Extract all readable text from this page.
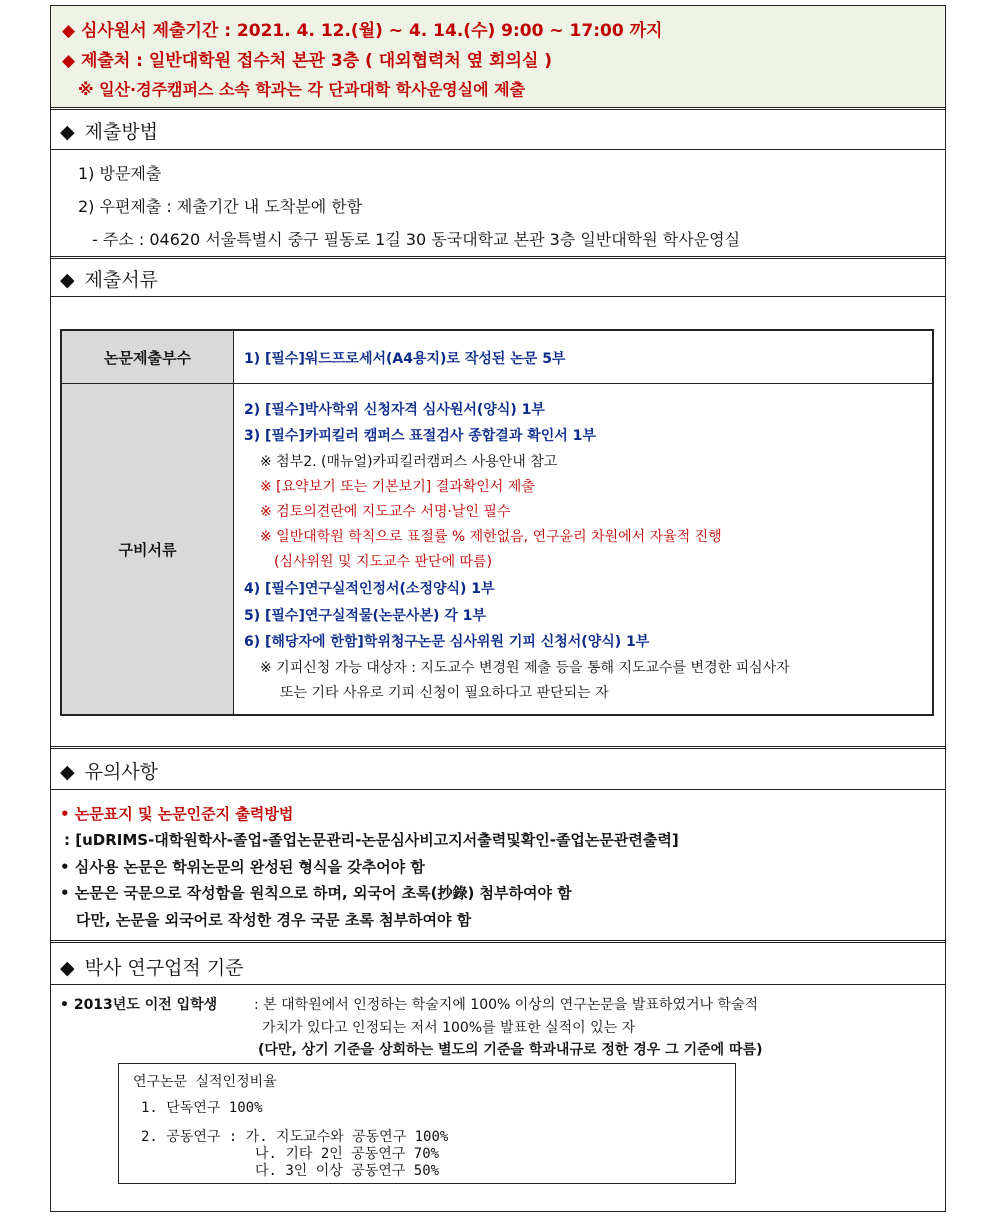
◆ 심사원서 제출기간 : 2021. 4. 12.(월) ~ 4. 14.(수) 9:00 ~ 17:00 까지
◆ 제출처 : 일반대학원 접수처 본관 3층 ( 대외협력처 옆 회의실 )
※ 일산·경주캠퍼스 소속 학과는 각 단과대학 학사운영실에 제출
◆ 제출방법
1) 방문제출
2) 우편제출 : 제출기간 내 도착분에 한함
- 주소 : 04620 서울특별시 중구 필동로 1길 30 동국대학교 본관 3층 일반대학원 학사운영실
◆ 제출서류
논문제출부수	1) [필수]워드프로세서(A4용지)로 작성된 논문 5부
구비서류
2) [필수]박사학위 신청자격 심사원서(양식) 1부
3) [필수]카피킬러 캠퍼스 표절검사 종합결과 확인서 1부
※ 첨부2. (매뉴얼)카피킬러캠퍼스 사용안내 참고
※ [요약보기 또는 기본보기] 결과확인서 제출
※ 검토의견란에 지도교수 서명·날인 필수
※ 일반대학원 학칙으로 표절률 % 제한없음, 연구윤리 차원에서 자율적 진행
(심사위원 및 지도교수 판단에 따름)
4) [필수]연구실적인정서(소정양식) 1부
5) [필수]연구실적물(논문사본) 각 1부
6) [해당자에 한함]학위청구논문 심사위원 기피 신청서(양식) 1부
※ 기피신청 가능 대상자 : 지도교수 변경원 제출 등을 통해 지도교수를 변경한 피심사자
또는 기타 사유로 기피 신청이 필요하다고 판단되는 자
◆ 유의사항
• 논문표지 및 논문인준지 출력방법
: [uDRIMS-대학원학사-졸업-졸업논문관리-논문심사비고지서출력및확인-졸업논문관련출력]
• 심사용 논문은 학위논문의 완성된 형식을 갖추어야 함
• 논문은 국문으로 작성함을 원칙으로 하며, 외국어 초록(抄錄) 첨부하여야 함
다만, 논문을 외국어로 작성한 경우 국문 초록 첨부하여야 함
◆ 박사 연구업적 기준
• 2013년도 이전 입학생	: 본 대학원에서 인정하는 학술지에 100% 이상의 연구논문을 발표하였거나 학술적
가치가 있다고 인정되는 저서 100%를 발표한 실적이 있는 자
(다만, 상기 기준을 상회하는 별도의 기준을 학과내규로 정한 경우 그 기준에 따름)
연구논문 실적인정비율
1. 단독연구 100%
2. 공동연구 : 가. 지도교수와 공동연구 100%
나. 기타 2인 공동연구 70%
다. 3인 이상 공동연구 50%
